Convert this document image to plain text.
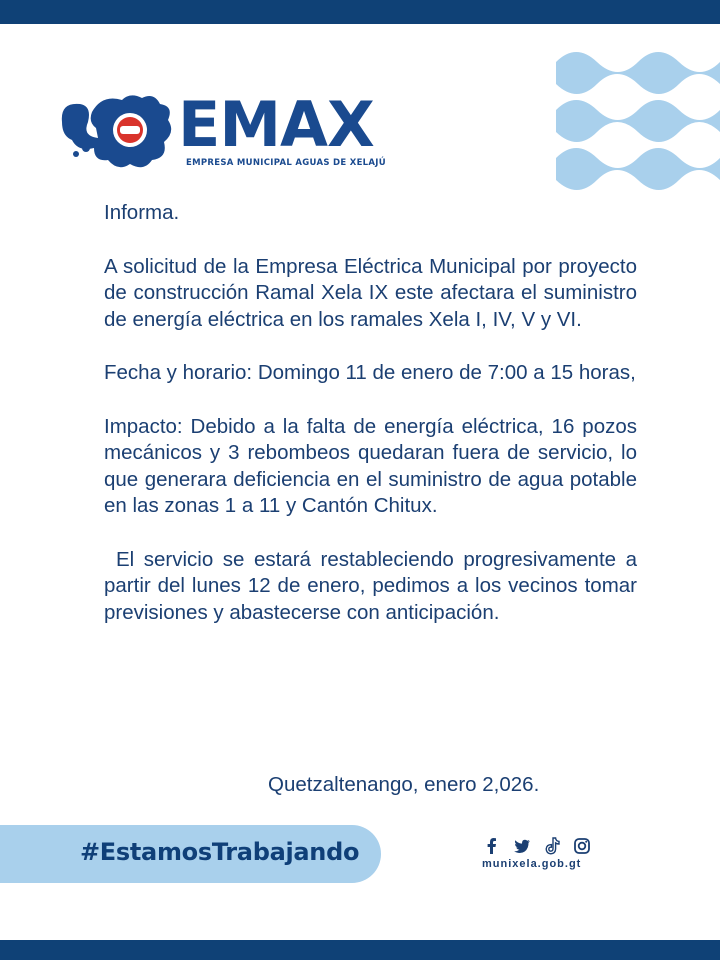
EMAX
EMPRESA MUNICIPAL AGUAS DE XELAJÚ

Informa.

A solicitud de la Empresa Eléctrica Municipal por proyecto de construcción Ramal Xela IX este afectara el suministro de energía eléctrica en los ramales Xela I, IV, V y VI.

Fecha y horario: Domingo 11 de enero de 7:00 a 15 horas,

Impacto: Debido a la falta de energía eléctrica, 16 pozos mecánicos y 3 rebombeos quedaran fuera de servicio, lo que generara deficiencia en el suministro de agua potable en las zonas 1 a 11 y Cantón Chitux.

El servicio se estará restableciendo progresivamente a partir del lunes 12 de enero, pedimos a los vecinos tomar previsiones y abastecerse con anticipación.

Quetzaltenango, enero 2,026.
#EstamosTrabajando	munixela.gob.gt
